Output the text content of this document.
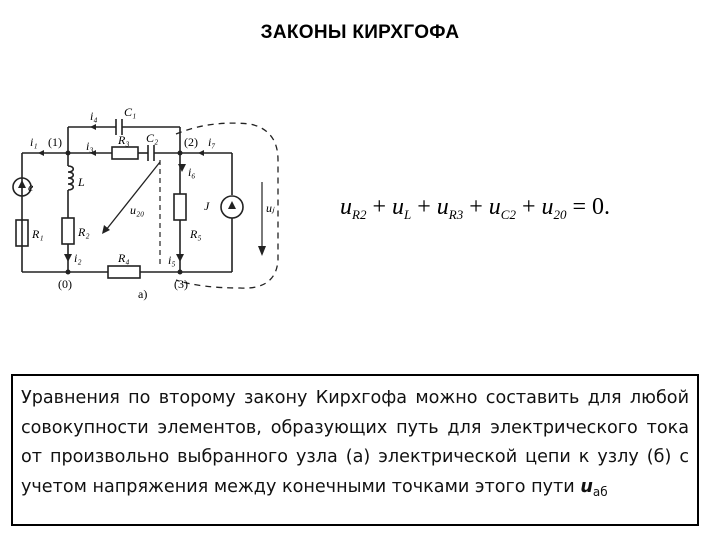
ЗАКОНЫ КИРХГОФА
i₁ (1)
i₄ C₁
i₃ R₃ C₂ (2) i₇
e	L
R₁	R₂
i₂	R₄
u₂₀
i₆
R₅
i₅
J	uⱼ
(0)
а)
(3)
$u_{R2} + u_L + u_{R3} + u_{C2} + u_{20} = 0$.

Уравнения по второму закону Кирхгофа можно составить для любой совокупности элементов, образующих путь для электрического тока от произвольно выбранного узла (а) электрической цепи к узлу (б) с учетом напряжения между конечными точками этого пути $u_{аб}$
